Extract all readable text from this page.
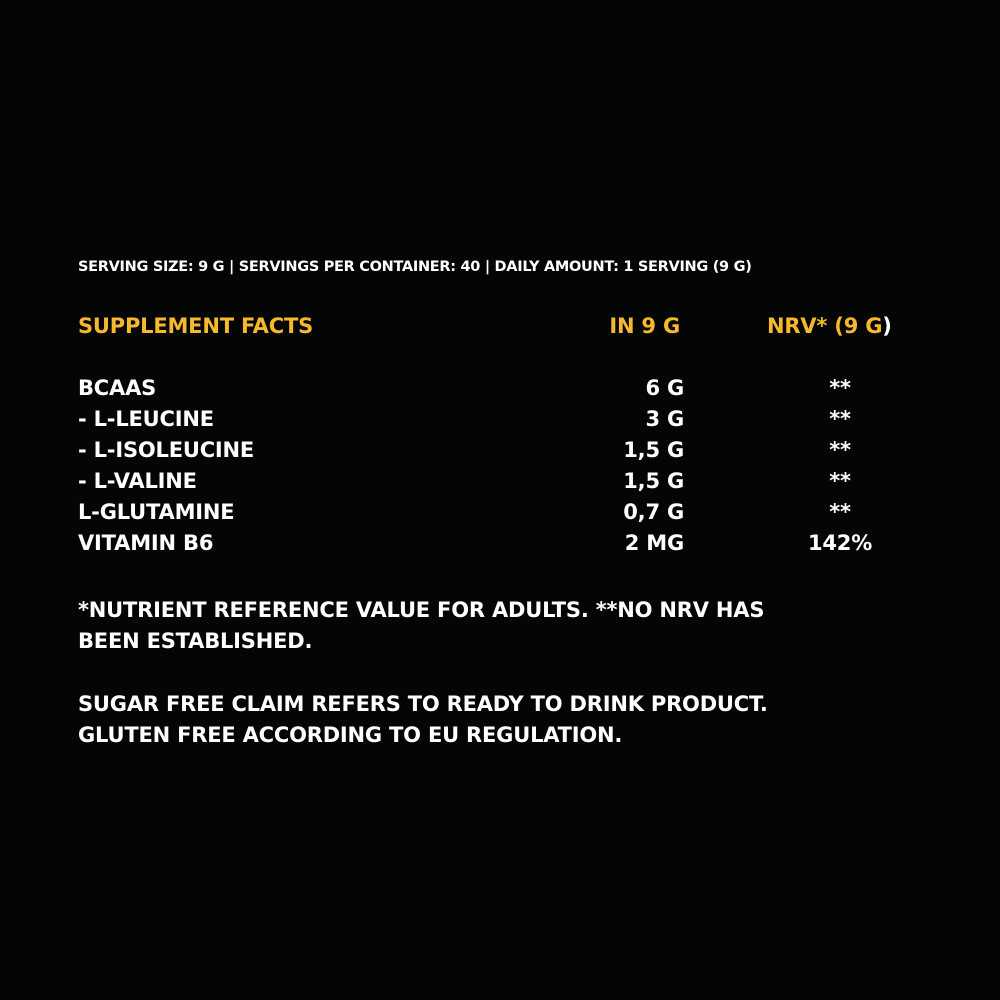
SERVING SIZE: 9 G | SERVINGS PER CONTAINER: 40 | DAILY AMOUNT: 1 SERVING (9 G)
SUPPLEMENT FACTS	IN 9 G	NRV* (9 G)
BCAAS	6 G	**
- L-LEUCINE	3 G	**
- L-ISOLEUCINE	1,5 G	**
- L-VALINE	1,5 G	**
L-GLUTAMINE	0,7 G	**
VITAMIN B6	2 MG	142%

*NUTRIENT REFERENCE VALUE FOR ADULTS. **NO NRV HAS

BEEN ESTABLISHED.

SUGAR FREE CLAIM REFERS TO READY TO DRINK PRODUCT.

GLUTEN FREE ACCORDING TO EU REGULATION.
